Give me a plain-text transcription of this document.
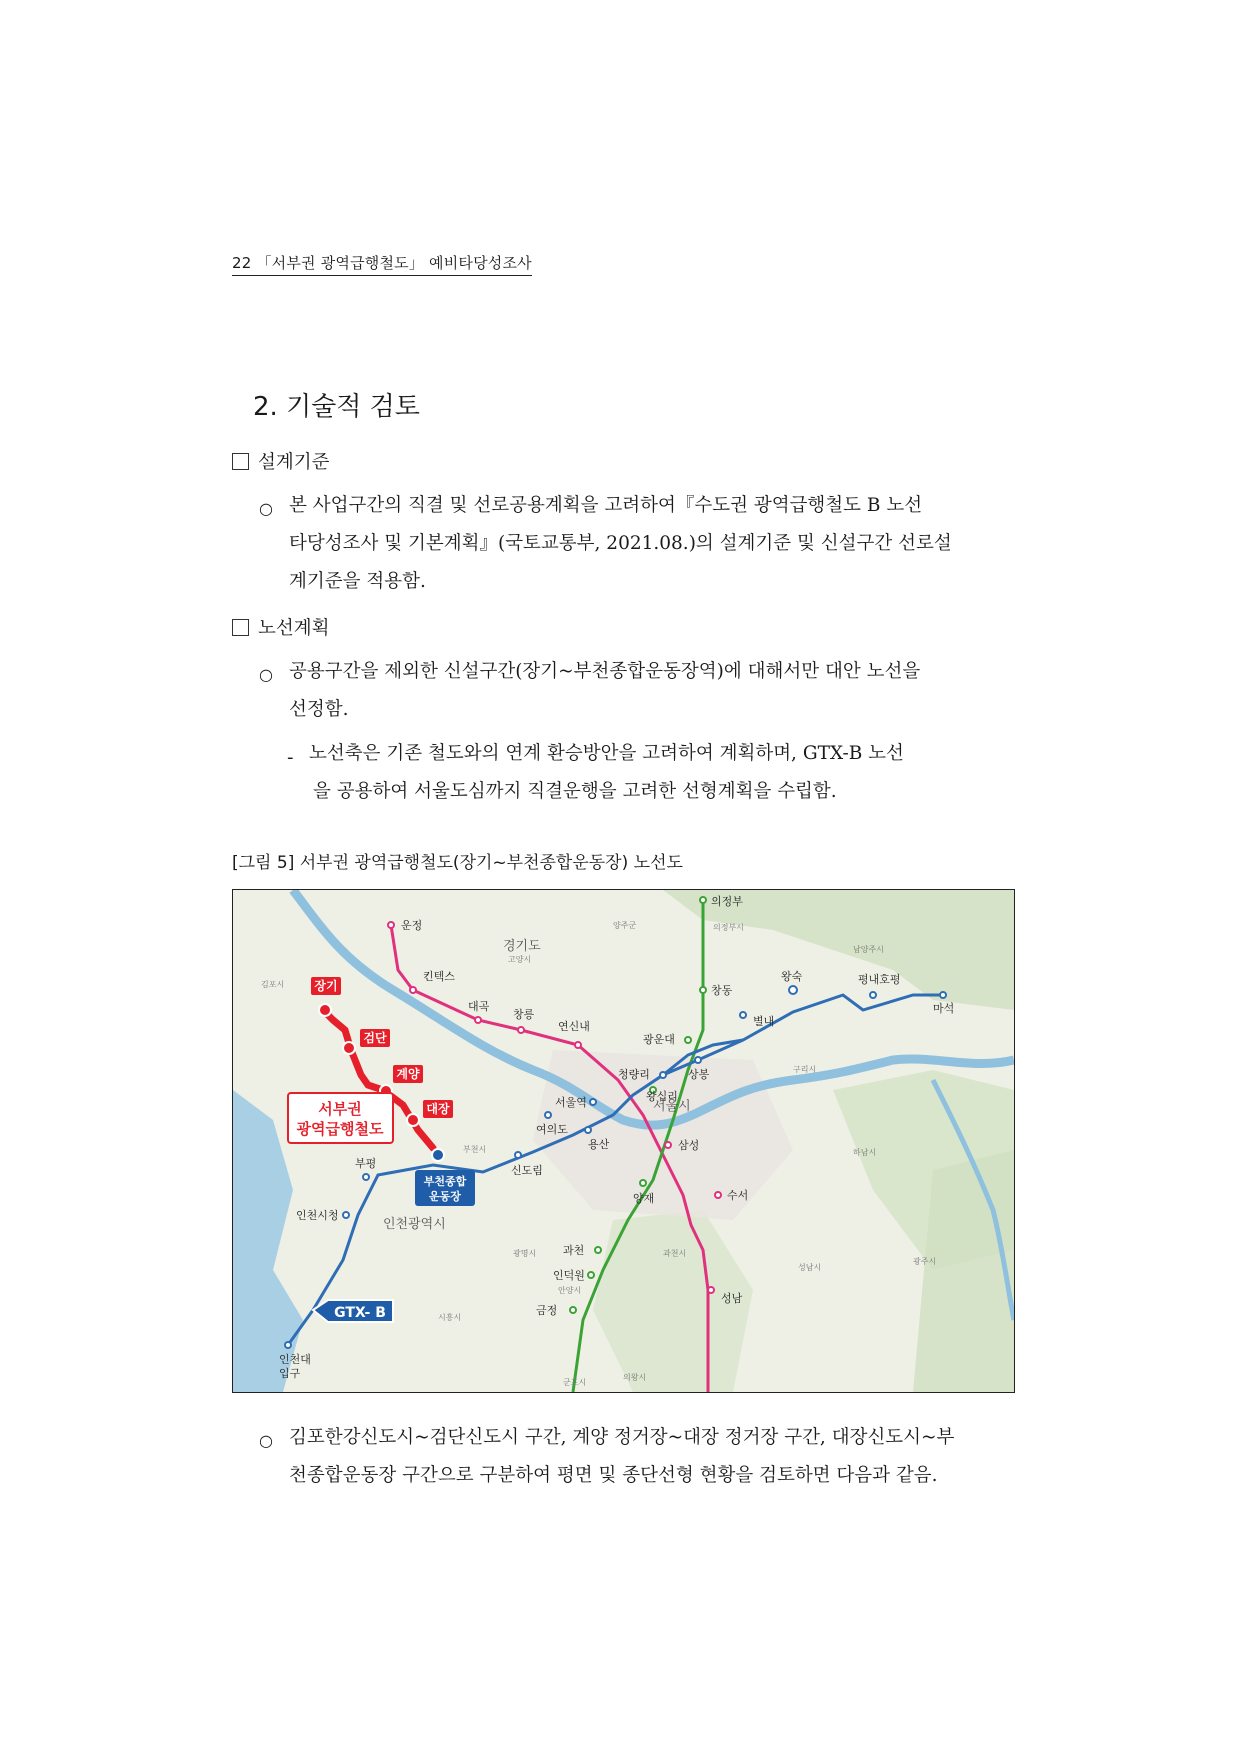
22 「서부권 광역급행철도」 예비타당성조사
2. 기술적 검토
설계기준
○ 본 사업구간의 직결 및 선로공용계획을 고려하여『수도권 광역급행철도 B 노선
타당성조사 및 기본계획』(국토교통부, 2021.08.)의 설계기준 및 신설구간 선로설
계기준을 적용함.
노선계획
○ 공용구간을 제외한 신설구간(장기~부천종합운동장역)에 대해서만 대안 노선을
선정함.
- 노선축은 기존 철도와의 연계 환승방안을 고려하여 계획하며, GTX-B 노선
을 공용하여 서울도심까지 직결운행을 고려한 선형계획을 수립함.
[그림 5] 서부권 광역급행철도(장기~부천종합운동장) 노선도
장기
검단
계양
대장
서부권
광역급행철도
부천종합
운동장
GTX- B
경기도
고양시
서울시
인천광역시
김포시
양주군	의정부시
남양주시
구리시
하남시
광주시
성남시
과천시
광명시
안양시
시흥시
의왕시
군포시
부천시
운정
킨텍스
대곡
창릉
연신내
의정부
창동
광운대
왕숙	평내호평
마석
별내
청량리	상봉
왕십리
서울역
여의도
용산	삼성
신도림
부평
인천시청
양재	수서
과천
인덕원
성남
금정
인천대
입구
○ 김포한강신도시~검단신도시 구간, 계양 정거장~대장 정거장 구간, 대장신도시~부
천종합운동장 구간으로 구분하여 평면 및 종단선형 현황을 검토하면 다음과 같음.
